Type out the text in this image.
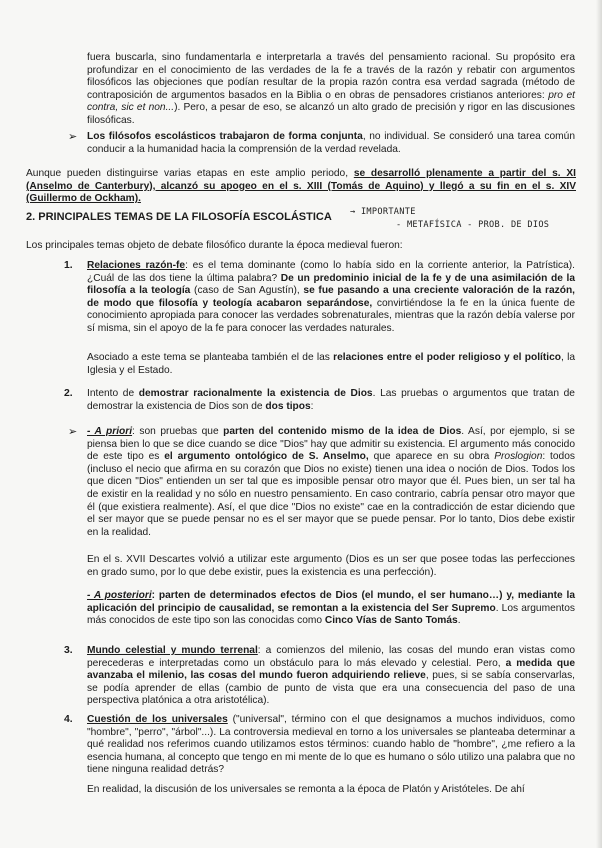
fuera buscarla, sino fundamentarla e interpretarla a través del pensamiento racional. Su propósito era profundizar en el conocimiento de las verdades de la fe a través de la razón y rebatir con argumentos filosóficos las objeciones que podían resultar de la propia razón contra esa verdad sagrada (método de contraposición de argumentos basados en la Biblia o en obras de pensadores cristianos anteriores: pro et contra, sic et non...). Pero, a pesar de eso, se alcanzó un alto grado de precisión y rigor en las discusiones filosóficas.

➢ Los filósofos escolásticos trabajaron de forma conjunta, no individual. Se consideró una tarea común conducir a la humanidad hacia la comprensión de la verdad revelada.

Aunque pueden distinguirse varias etapas en este amplio periodo, se desarrolló plenamente a partir del s. XI (Anselmo de Canterbury), alcanzó su apogeo en el s. XIII (Tomás de Aquino) y llegó a su fin en el s. XIV (Guillermo de Ockham).

2. PRINCIPALES TEMAS DE LA FILOSOFÍA ESCOLÁSTICA → IMPORTANTE
- METAFÍSICA - PROB. DE DIOS

Los principales temas objeto de debate filosófico durante la época medieval fueron:

1. Relaciones razón-fe: es el tema dominante (como lo había sido en la corriente anterior, la Patrística). ¿Cuál de las dos tiene la última palabra? De un predominio inicial de la fe y de una asimilación de la filosofía a la teología (caso de San Agustín), se fue pasando a una creciente valoración de la razón, de modo que filosofía y teología acabaron separándose, convirtiéndose la fe en la única fuente de conocimiento apropiada para conocer las verdades sobrenaturales, mientras que la razón debía valerse por sí misma, sin el apoyo de la fe para conocer las verdades naturales.

Asociado a este tema se planteaba también el de las relaciones entre el poder religioso y el político, la Iglesia y el Estado.

2. Intento de demostrar racionalmente la existencia de Dios. Las pruebas o argumentos que tratan de demostrar la existencia de Dios son de dos tipos:

➢ - A priori: son pruebas que parten del contenido mismo de la idea de Dios. Así, por ejemplo, si se piensa bien lo que se dice cuando se dice "Dios" hay que admitir su existencia. El argumento más conocido de este tipo es el argumento ontológico de S. Anselmo, que aparece en su obra Proslogion: todos (incluso el necio que afirma en su corazón que Dios no existe) tienen una idea o noción de Dios. Todos los que dicen "Dios" entienden un ser tal que es imposible pensar otro mayor que él. Pues bien, un ser tal ha de existir en la realidad y no sólo en nuestro pensamiento. En caso contrario, cabría pensar otro mayor que él (que existiera realmente). Así, el que dice "Dios no existe" cae en la contradicción de estar diciendo que el ser mayor que se puede pensar no es el ser mayor que se puede pensar. Por lo tanto, Dios debe existir en la realidad.

En el s. XVII Descartes volvió a utilizar este argumento (Dios es un ser que posee todas las perfecciones en grado sumo, por lo que debe existir, pues la existencia es una perfección).

- A posteriori: parten de determinados efectos de Dios (el mundo, el ser humano…) y, mediante la aplicación del principio de causalidad, se remontan a la existencia del Ser Supremo. Los argumentos más conocidos de este tipo son las conocidas como Cinco Vías de Santo Tomás.

3. Mundo celestial y mundo terrenal: a comienzos del milenio, las cosas del mundo eran vistas como perecederas e interpretadas como un obstáculo para lo más elevado y celestial. Pero, a medida que avanzaba el milenio, las cosas del mundo fueron adquiriendo relieve, pues, si se sabía conservarlas, se podía aprender de ellas (cambio de punto de vista que era una consecuencia del paso de una perspectiva platónica a otra aristotélica).

4. Cuestión de los universales ("universal", término con el que designamos a muchos individuos, como "hombre", "perro", "árbol"...). La controversia medieval en torno a los universales se planteaba determinar a qué realidad nos referimos cuando utilizamos estos términos: cuando hablo de "hombre", ¿me refiero a la esencia humana, al concepto que tengo en mi mente de lo que es humano o sólo utilizo una palabra que no tiene ninguna realidad detrás?

En realidad, la discusión de los universales se remonta a la época de Platón y Aristóteles. De ahí
